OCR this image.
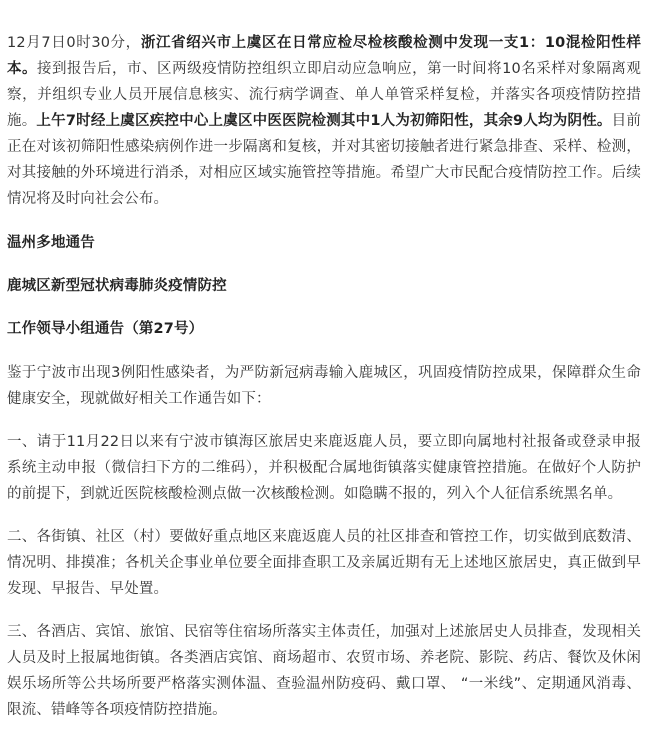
12月7日0时30分，浙江省绍兴市上虞区在日常应检尽检核酸检测中发现一支1：10混检阳性样本。接到报告后，市、区两级疫情防控组织立即启动应急响应，第一时间将10名采样对象隔离观察，并组织专业人员开展信息核实、流行病学调查、单人单管采样复检，并落实各项疫情防控措施。上午7时经上虞区疾控中心上虞区中医医院检测其中1人为初筛阳性，其余9人均为阴性。目前正在对该初筛阳性感染病例作进一步隔离和复核，并对其密切接触者进行紧急排查、采样、检测，对其接触的外环境进行消杀，对相应区域实施管控等措施。希望广大市民配合疫情防控工作。后续情况将及时向社会公布。

温州多地通告

鹿城区新型冠状病毒肺炎疫情防控

工作领导小组通告（第27号）

鉴于宁波市出现3例阳性感染者，为严防新冠病毒输入鹿城区，巩固疫情防控成果，保障群众生命健康安全，现就做好相关工作通告如下：

一、请于11月22日以来有宁波市镇海区旅居史来鹿返鹿人员，要立即向属地村社报备或登录申报系统主动申报（微信扫下方的二维码），并积极配合属地街镇落实健康管控措施。在做好个人防护的前提下，到就近医院核酸检测点做一次核酸检测。如隐瞒不报的，列入个人征信系统黑名单。

二、各街镇、社区（村）要做好重点地区来鹿返鹿人员的社区排查和管控工作，切实做到底数清、情况明、排摸准；各机关企事业单位要全面排查职工及亲属近期有无上述地区旅居史，真正做到早发现、早报告、早处置。

三、各酒店、宾馆、旅馆、民宿等住宿场所落实主体责任，加强对上述旅居史人员排查，发现相关人员及时上报属地街镇。各类酒店宾馆、商场超市、农贸市场、养老院、影院、药店、餐饮及休闲娱乐场所等公共场所要严格落实测体温、查验温州防疫码、戴口罩、 “一米线”、定期通风消毒、限流、错峰等各项疫情防控措施。
